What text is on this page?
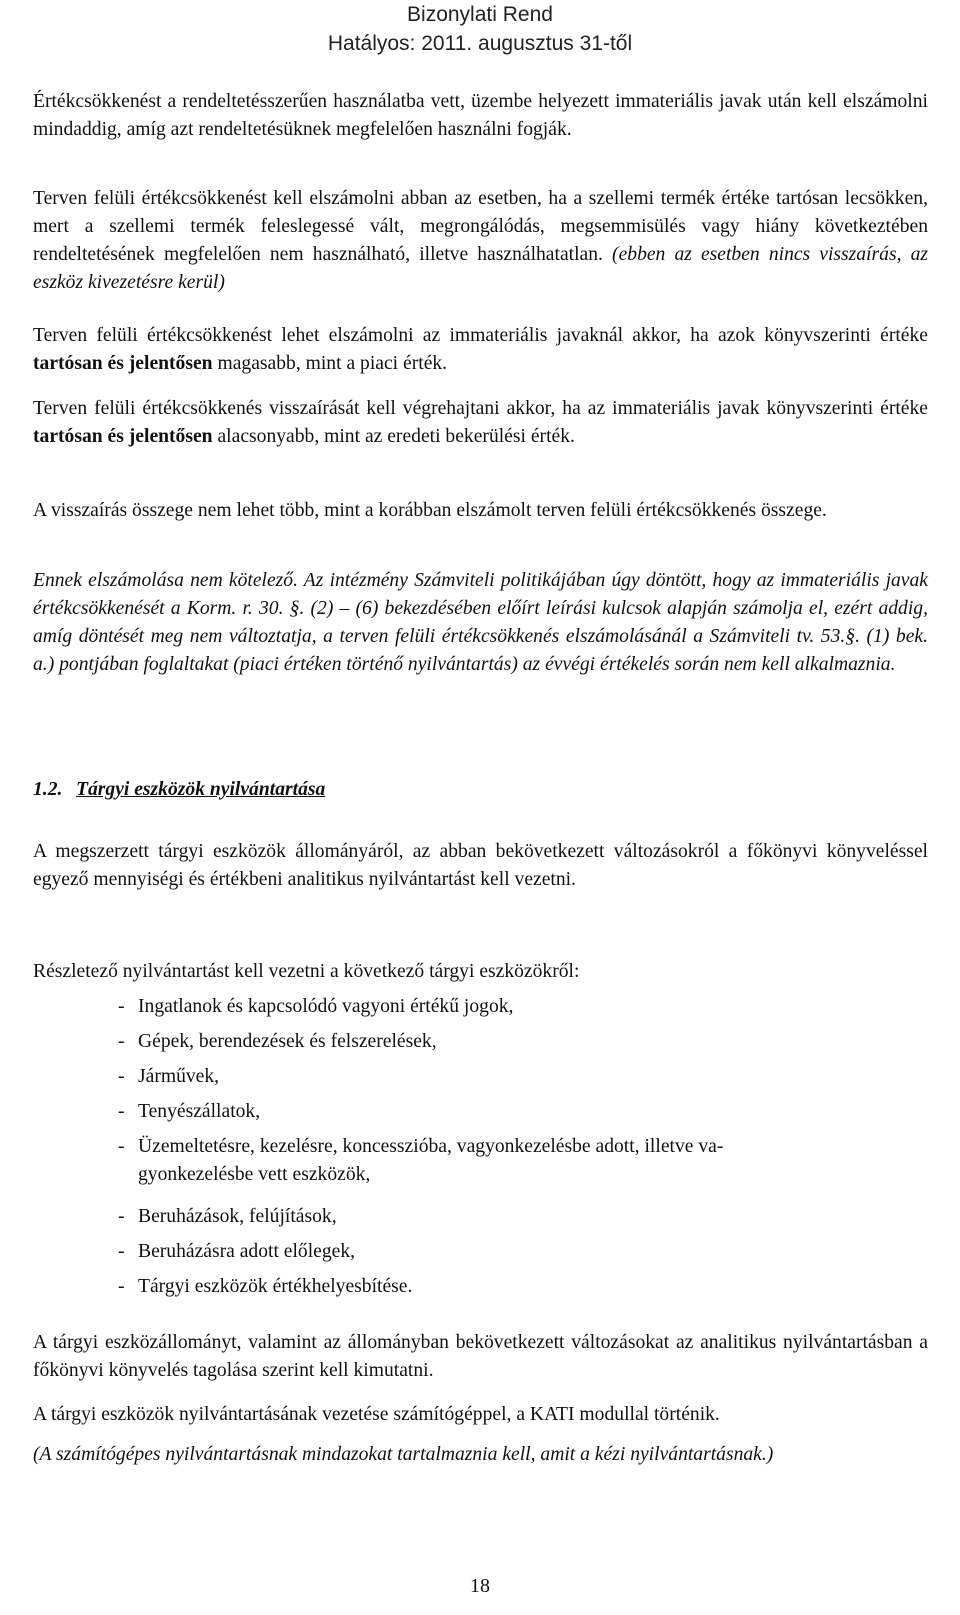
Bizonylati Rend
Hatályos: 2011. augusztus 31-től

Értékcsökkenést a rendeltetésszerűen használatba vett, üzembe helyezett immateriális javak után kell elszámolni mindaddig, amíg azt rendeltetésüknek megfelelően használni fogják.

Terven felüli értékcsökkenést kell elszámolni abban az esetben, ha a szellemi termék értéke tartósan lecsökken, mert a szellemi termék feleslegessé vált, megrongálódás, megsemmisülés vagy hiány következtében rendeltetésének megfelelően nem használható, illetve használhatatlan. (ebben az esetben nincs visszaírás, az eszköz kivezetésre kerül)

Terven felüli értékcsökkenést lehet elszámolni az immateriális javaknál akkor, ha azok könyvszerinti értéke tartósan és jelentősen magasabb, mint a piaci érték.

Terven felüli értékcsökkenés visszaírását kell végrehajtani akkor, ha az immateriális javak könyvszerinti értéke tartósan és jelentősen alacsonyabb, mint az eredeti bekerülési érték.

A visszaírás összege nem lehet több, mint a korábban elszámolt terven felüli értékcsökkenés összege.

Ennek elszámolása nem kötelező. Az intézmény Számviteli politikájában úgy döntött, hogy az immateriális javak értékcsökkenését a Korm. r. 30. §. (2) – (6) bekezdésében előírt leírási kulcsok alapján számolja el, ezért addig, amíg döntését meg nem változtatja, a terven felüli értékcsökkenés elszámolásánál a Számviteli tv. 53.§. (1) bek. a.) pontjában foglaltakat (piaci értéken történő nyilvántartás) az évvégi értékelés során nem kell alkalmaznia.

1.2. Tárgyi eszközök nyilvántartása

A megszerzett tárgyi eszközök állományáról, az abban bekövetkezett változásokról a főkönyvi könyveléssel egyező mennyiségi és értékbeni analitikus nyilvántartást kell vezetni.

Részletező nyilvántartást kell vezetni a következő tárgyi eszközökről:

- Ingatlanok és kapcsolódó vagyoni értékű jogok,
- Gépek, berendezések és felszerelések,
- Járművek,
- Tenyészállatok,
- Üzemeltetésre, kezelésre, koncesszióba, vagyonkezelésbe adott, illetve va-
gyonkezelésbe vett eszközök,
- Beruházások, felújítások,
- Beruházásra adott előlegek,
- Tárgyi eszközök értékhelyesbítése.

A tárgyi eszközállományt, valamint az állományban bekövetkezett változásokat az analitikus nyilvántartásban a főkönyvi könyvelés tagolása szerint kell kimutatni.

A tárgyi eszközök nyilvántartásának vezetése számítógéppel, a KATI modullal történik.

(A számítógépes nyilvántartásnak mindazokat tartalmaznia kell, amit a kézi nyilvántartásnak.)

18
